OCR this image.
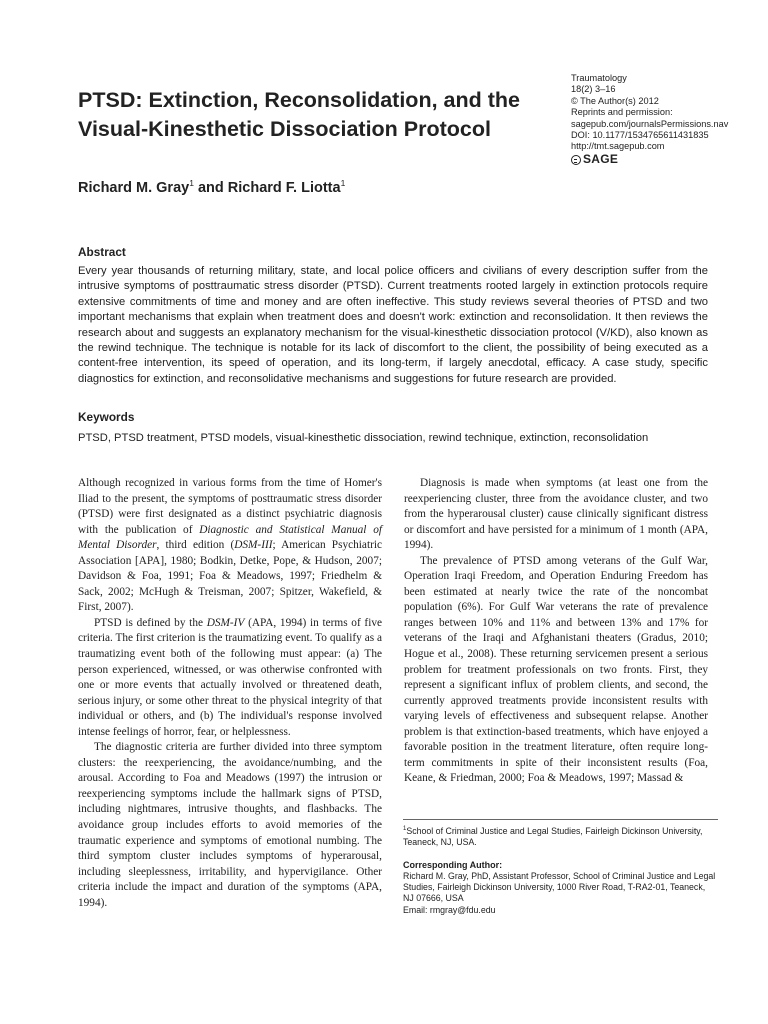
PTSD: Extinction, Reconsolidation, and the Visual-Kinesthetic Dissociation Protocol
Traumatology
18(2) 3–16
© The Author(s) 2012
Reprints and permission:
sagepub.com/journalsPermissions.nav
DOI: 10.1177/1534765611431835
http://tmt.sagepub.com
SAGE
Richard M. Gray$^1$ and Richard F. Liotta$^1$
Abstract
Every year thousands of returning military, state, and local police officers and civilians of every description suffer from the intrusive symptoms of posttraumatic stress disorder (PTSD). Current treatments rooted largely in extinction protocols require extensive commitments of time and money and are often ineffective. This study reviews several theories of PTSD and two important mechanisms that explain when treatment does and doesn't work: extinction and reconsolidation. It then reviews the research about and suggests an explanatory mechanism for the visual-kinesthetic dissociation protocol (V/KD), also known as the rewind technique. The technique is notable for its lack of discomfort to the client, the possibility of being executed as a content-free intervention, its speed of operation, and its long-term, if largely anecdotal, efficacy. A case study, specific diagnostics for extinction, and reconsolidative mechanisms and suggestions for future research are provided.
Keywords
PTSD, PTSD treatment, PTSD models, visual-kinesthetic dissociation, rewind technique, extinction, reconsolidation

Although recognized in various forms from the time of Homer's Iliad to the present, the symptoms of posttraumatic stress disorder (PTSD) were first designated as a distinct psychiatric diagnosis with the publication of Diagnostic and Statistical Manual of Mental Disorder, third edition (DSM-III; American Psychiatric Association [APA], 1980; Bodkin, Detke, Pope, & Hudson, 2007; Davidson & Foa, 1991; Foa & Meadows, 1997; Friedhelm & Sack, 2002; McHugh & Treisman, 2007; Spitzer, Wakefield, & First, 2007).

PTSD is defined by the DSM-IV (APA, 1994) in terms of five criteria. The first criterion is the traumatizing event. To qualify as a traumatizing event both of the following must appear: (a) The person experienced, witnessed, or was otherwise confronted with one or more events that actually involved or threatened death, serious injury, or some other threat to the physical integrity of that individual or others, and (b) The individual's response involved intense feelings of horror, fear, or helplessness.

The diagnostic criteria are further divided into three symptom clusters: the reexperiencing, the avoidance/numbing, and the arousal. According to Foa and Meadows (1997) the intrusion or reexperiencing symptoms include the hallmark signs of PTSD, including nightmares, intrusive thoughts, and flashbacks. The avoidance group includes efforts to avoid memories of the traumatic experience and symptoms of emotional numbing. The third symptom cluster includes symptoms of hyperarousal, including sleeplessness, irritability, and hypervigilance. Other criteria include the impact and duration of the symptoms (APA, 1994).

Diagnosis is made when symptoms (at least one from the reexperiencing cluster, three from the avoidance cluster, and two from the hyperarousal cluster) cause clinically significant distress or discomfort and have persisted for a minimum of 1 month (APA, 1994).

The prevalence of PTSD among veterans of the Gulf War, Operation Iraqi Freedom, and Operation Enduring Freedom has been estimated at nearly twice the rate of the noncombat population (6%). For Gulf War veterans the rate of prevalence ranges between 10% and 11% and between 13% and 17% for veterans of the Iraqi and Afghanistani theaters (Gradus, 2010; Hogue et al., 2008). These returning servicemen present a serious problem for treatment professionals on two fronts. First, they represent a significant influx of problem clients, and second, the currently approved treatments provide inconsistent results with varying levels of effectiveness and subsequent relapse. Another problem is that extinction-based treatments, which have enjoyed a favorable position in the treatment literature, often require long-term commitments in spite of their inconsistent results (Foa, Keane, & Friedman, 2000; Foa & Meadows, 1997; Massad &

$^1$School of Criminal Justice and Legal Studies, Fairleigh Dickinson University, Teaneck, NJ, USA.
Corresponding Author:
Richard M. Gray, PhD, Assistant Professor, School of Criminal Justice and Legal Studies, Fairleigh Dickinson University, 1000 River Road, T-RA2-01, Teaneck, NJ 07666, USA
Email: rmgray@fdu.edu
